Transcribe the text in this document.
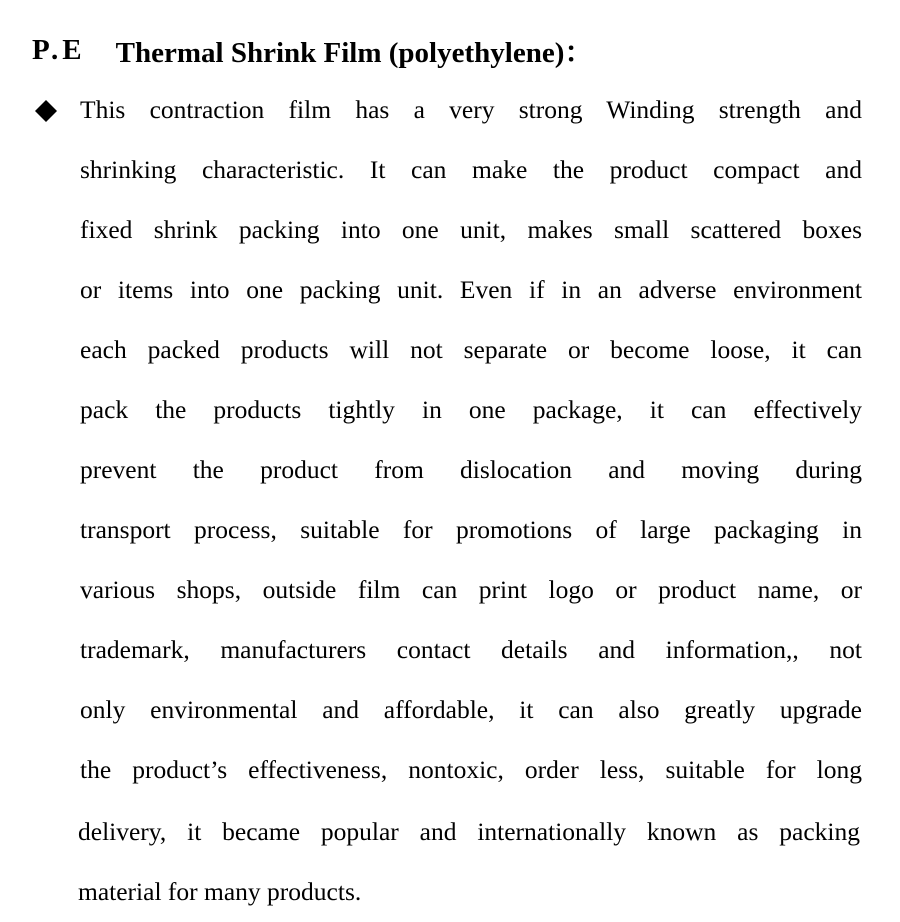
P.E Thermal Shrink Film (polyethylene)：
This contraction film has a very strong Winding strength and
shrinking characteristic. It can make the product compact and
fixed shrink packing into one unit, makes small scattered boxes
or items into one packing unit. Even if in an adverse environment
each packed products will not separate or become loose, it can
pack the products tightly in one package, it can effectively
prevent the product from dislocation and moving during
transport process, suitable for promotions of large packaging in
various shops, outside film can print logo or product name, or
trademark, manufacturers contact details and information,, not
only environmental and affordable, it can also greatly upgrade
the product’s effectiveness, nontoxic, order less, suitable for long
delivery, it became popular and internationally known as packing
material for many products.
